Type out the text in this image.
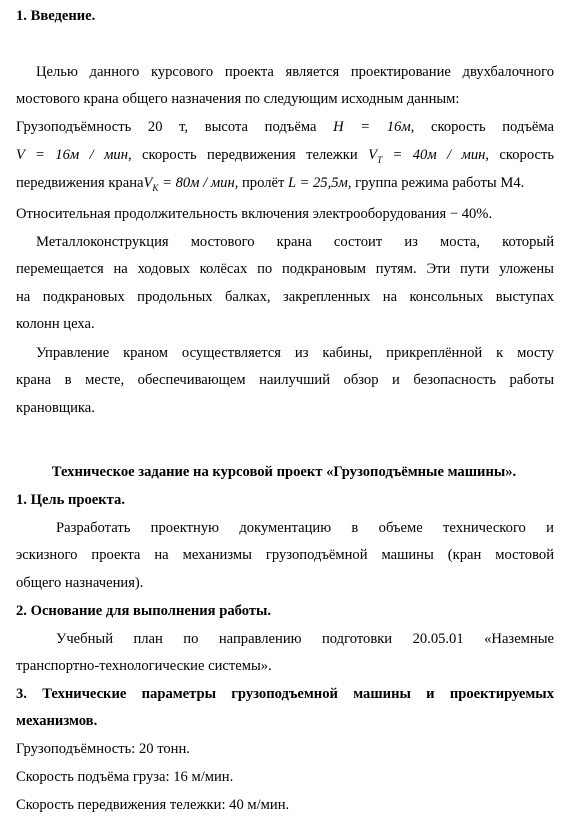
1. Введение.
Целью данного курсового проекта является проектирование двухбалочного
мостового крана общего назначения по следующим исходным данным:
Грузоподъёмность 20 т, высота подъёма H = 16м, скорость подъёма
V = 16м / мин, скорость передвижения тележки $V_T = 40м$ / мин, скорость
передвижения кранаV$_K$ = 80м / мин, пролёт L = 25,5м, группа режима работы М4.
Относительная продолжительность включения электрооборудования − 40%.
Металлоконструкция мостового крана состоит из моста, который
перемещается на ходовых колёсах по подкрановым путям. Эти пути уложены
на подкрановых продольных балках, закрепленных на консольных выступах
колонн цеха.
Управление краном осуществляется из кабины, прикреплённой к мосту
крана в месте, обеспечивающем наилучший обзор и безопасность работы
крановщика.
Техническое задание на курсовой проект «Грузоподъёмные машины».
1. Цель проекта.
Разработать проектную документацию в объеме технического и
эскизного проекта на механизмы грузоподъёмной машины (кран мостовой
общего назначения).
2. Основание для выполнения работы.
Учебный план по направлению подготовки 20.05.01 «Наземные
транспортно-технологические системы».
3. Технические параметры грузоподъемной машины и проектируемых
механизмов.
Грузоподъёмность: 20 тонн.
Скорость подъёма груза: 16 м/мин.
Скорость передвижения тележки: 40 м/мин.
